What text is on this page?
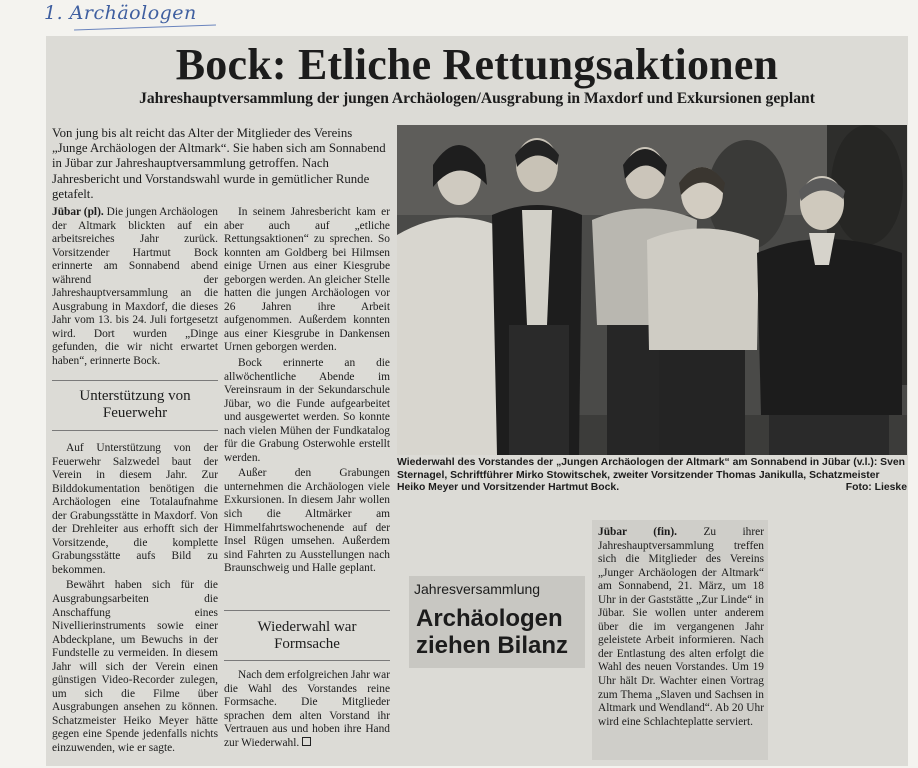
1. Archäologen
Bock: Etliche Rettungsaktionen
Jahreshauptversammlung der jungen Archäologen/Ausgrabung in Maxdorf und Exkursionen geplant
Von jung bis alt reicht das Alter der Mitglieder des Vereins „Junge Archäologen der Altmark“. Sie haben sich am Sonnabend in Jübar zur Jahreshauptversammlung getroffen. Nach Jahresbericht und Vorstandswahl wurde in gemütlicher Runde getafelt.

Jübar (pl). Die jungen Archäologen der Altmark blickten auf ein arbeitsreiches Jahr zurück. Vorsitzender Hartmut Bock erinnerte am Sonnabend abend während der Jahreshauptversammlung an die Ausgrabung in Maxdorf, die dieses Jahr vom 13. bis 24. Juli fortgesetzt wird. Dort wurden „Dinge gefunden, die wir nicht erwartet haben“, erinnerte Bock.

Unterstützung von Feuerwehr

Auf Unterstützung von der Feuerwehr Salzwedel baut der Verein in diesem Jahr. Zur Bilddokumentation benötigen die Archäologen eine Totalaufnahme der Grabungsstätte in Maxdorf. Von der Drehleiter aus erhofft sich der Vorsitzende, die komplette Grabungsstätte aufs Bild zu bekommen.

Bewährt haben sich für die Ausgrabungsarbeiten die Anschaffung eines Nivellierinstruments sowie einer Abdeckplane, um Bewuchs in der Fundstelle zu vermeiden. In diesem Jahr will sich der Verein einen günstigen Video-Recorder zulegen, um sich die Filme über Ausgrabungen ansehen zu können. Schatzmeister Heiko Meyer hätte gegen eine Spende jedenfalls nichts einzuwenden, wie er sagte.

In seinem Jahresbericht kam er aber auch auf „etliche Rettungsaktionen“ zu sprechen. So konnten am Goldberg bei Hilmsen einige Urnen aus einer Kiesgrube geborgen werden. An gleicher Stelle hatten die jungen Archäologen vor 26 Jahren ihre Arbeit aufgenommen. Außerdem konnten aus einer Kiesgrube in Dankensen Urnen geborgen werden.

Bock erinnerte an die allwöchentliche Abende im Vereinsraum in der Sekundarschule Jübar, wo die Funde aufgearbeitet und ausgewertet werden. So konnte nach vielen Mühen der Fundkatalog für die Grabung Osterwohle erstellt werden.

Außer den Grabungen unternehmen die Archäologen viele Exkursionen. In diesem Jahr wollen sich die Altmärker am Himmelfahrtswochenende auf der Insel Rügen umsehen. Außerdem sind Fahrten zu Ausstellungen nach Braunschweig und Halle geplant.

Wiederwahl war Formsache

Nach dem erfolgreichen Jahr war die Wahl des Vorstandes reine Formsache. Die Mitglieder sprachen dem alten Vorstand ihr Vertrauen aus und hoben ihre Hand zur Wiederwahl.

Wiederwahl des Vorstandes der „Jungen Archäologen der Altmark“ am Sonnabend in Jübar (v.l.): Sven Sternagel, Schriftführer Mirko Stowitschek, zweiter Vorsitzender Thomas Janikulla, Schatzmeister Heiko Meyer und Vorsitzender Hartmut Bock.	Foto: Lieske
Jahresversammlung
Archäologen
ziehen Bilanz
Jübar (fin). Zu ihrer Jahreshauptversammlung treffen sich die Mitglieder des Vereins „Junger Archäologen der Altmark“ am Sonnabend, 21. März, um 18 Uhr in der Gaststätte „Zur Linde“ in Jübar. Sie wollen unter anderem über die im vergangenen Jahr geleistete Arbeit informieren. Nach der Entlastung des alten erfolgt die Wahl des neuen Vorstandes. Um 19 Uhr hält Dr. Wachter einen Vortrag zum Thema „Slaven und Sachsen in Altmark und Wendland“. Ab 20 Uhr wird eine Schlachteplatte serviert.
